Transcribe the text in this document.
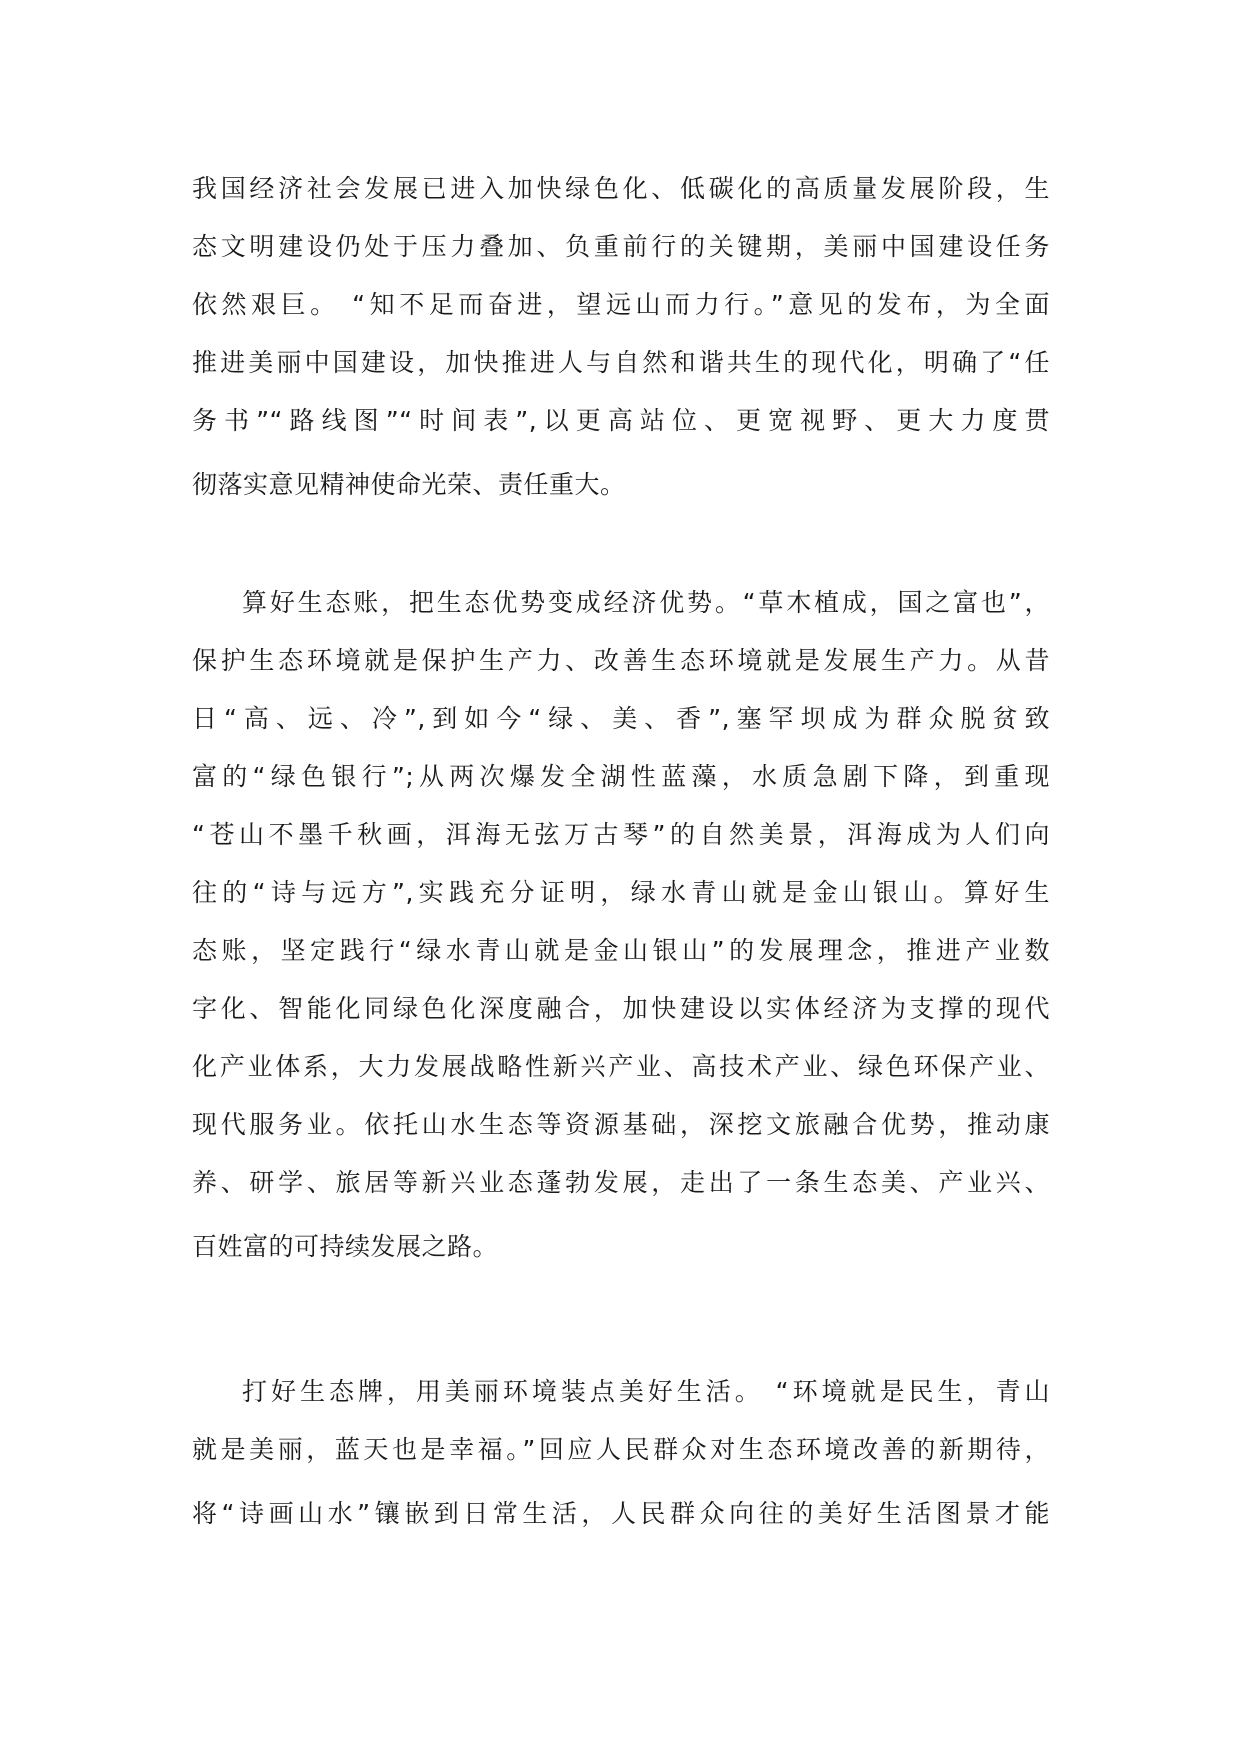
我国经济社会发展已进入加快绿色化、低碳化的高质量发展阶段，生
态文明建设仍处于压力叠加、负重前行的关键期，美丽中国建设任务
依然艰巨。 “知不足而奋进，望远山而力行。”意见的发布，为全面
推进美丽中国建设，加快推进人与自然和谐共生的现代化，明确了“任
务书”“路线图”“时间表”,以更高站位、更宽视野、更大力度贯
彻落实意见精神使命光荣、责任重大。
算好生态账，把生态优势变成经济优势。“草木植成，国之富也”，
保护生态环境就是保护生产力、改善生态环境就是发展生产力。从昔
日“高、远、冷”,到如今“绿、美、香”,塞罕坝成为群众脱贫致
富的“绿色银行”;从两次爆发全湖性蓝藻，水质急剧下降，到重现
“苍山不墨千秋画，洱海无弦万古琴”的自然美景，洱海成为人们向
往的“诗与远方”,实践充分证明，绿水青山就是金山银山。算好生
态账，坚定践行“绿水青山就是金山银山”的发展理念，推进产业数
字化、智能化同绿色化深度融合，加快建设以实体经济为支撑的现代
化产业体系，大力发展战略性新兴产业、高技术产业、绿色环保产业、
现代服务业。依托山水生态等资源基础，深挖文旅融合优势，推动康
养、研学、旅居等新兴业态蓬勃发展，走出了一条生态美、产业兴、
百姓富的可持续发展之路。
打好生态牌，用美丽环境装点美好生活。 “环境就是民生，青山
就是美丽，蓝天也是幸福。”回应人民群众对生态环境改善的新期待，
将“诗画山水”镶嵌到日常生活，人民群众向往的美好生活图景才能
